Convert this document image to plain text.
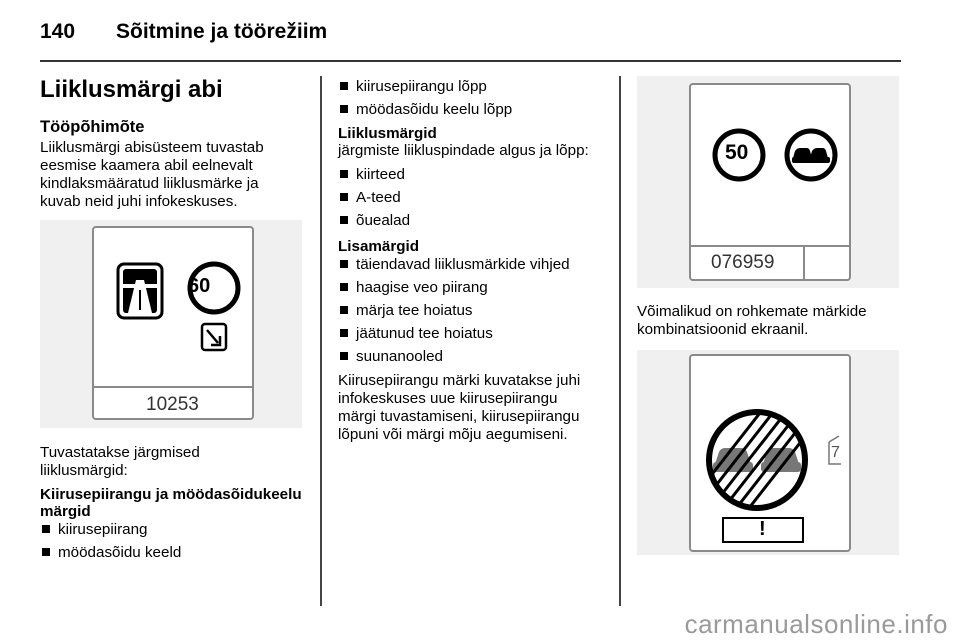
140 Sõitmine ja töörežiim
Liiklusmärgi abi
Tööpõhimõte
Liiklusmärgi abisüsteem tuvastab
eesmise kaamera abil eelnevalt
kindlaksmääratud liiklusmärke ja
kuvab neid juhi infokeskuses.
60
10253
Tuvastatakse järgmised
liiklusmärgid:
Kiirusepiirangu ja möödasõidukeelu
märgid
kiirusepiirang
möödasõidu keeld
kiirusepiirangu lõpp
möödasõidu keelu lõpp
Liiklusmärgid
järgmiste liikluspindade algus ja lõpp:
kiirteed
A-teed
õuealad
Lisamärgid
täiendavad liiklusmärkide vihjed
haagise veo piirang
märja tee hoiatus
jäätunud tee hoiatus
suunanooled
Kiirusepiirangu märki kuvatakse juhi
infokeskuses uue kiirusepiirangu
märgi tuvastamiseni, kiirusepiirangu
lõpuni või märgi mõju aegumiseni.
50
076959
Võimalikud on rohkemate märkide
kombinatsioonid ekraanil.
7
!
carmanualsonline.info
